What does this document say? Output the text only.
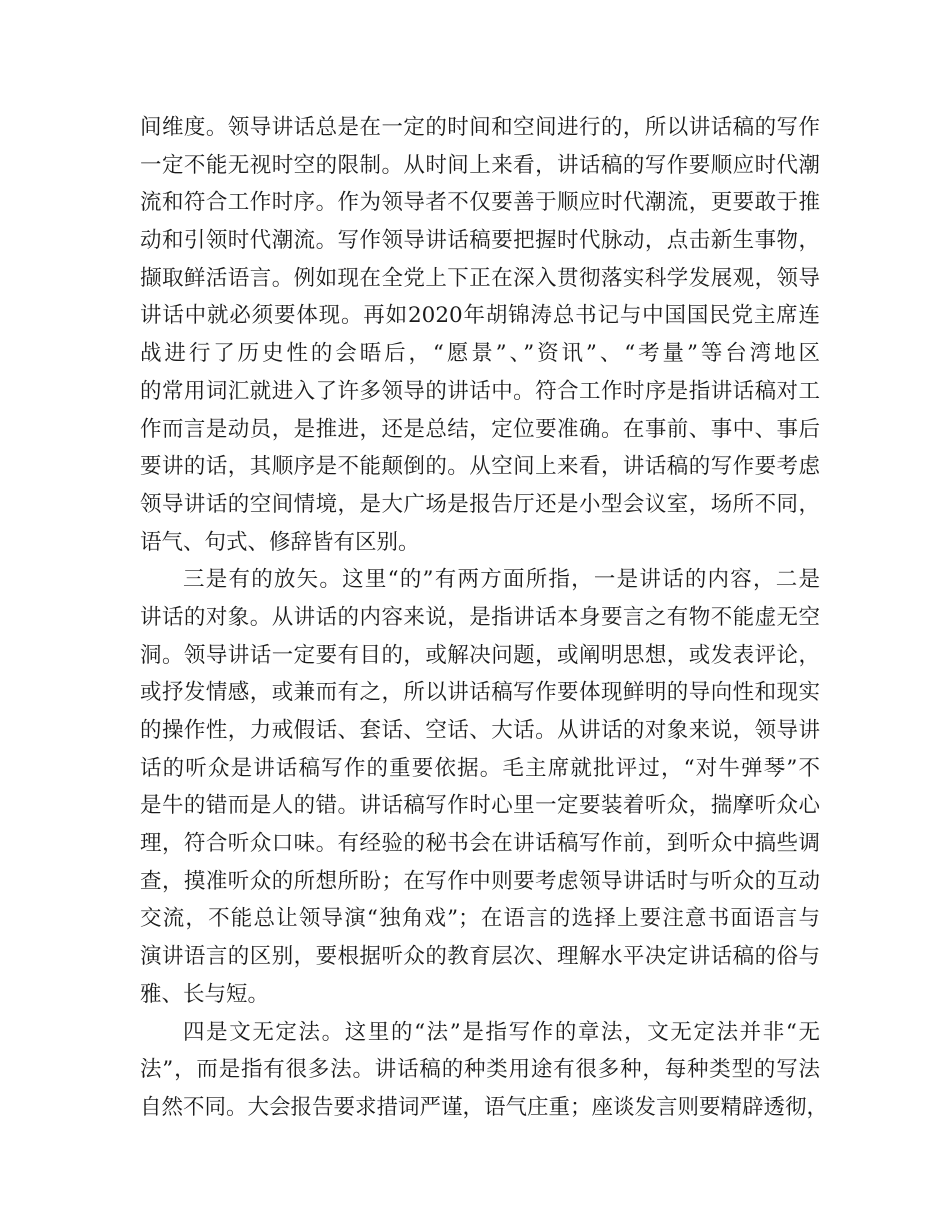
间维度。领导讲话总是在一定的时间和空间进行的，所以讲话稿的写作
一定不能无视时空的限制。从时间上来看，讲话稿的写作要顺应时代潮
流和符合工作时序。作为领导者不仅要善于顺应时代潮流，更要敢于推
动和引领时代潮流。写作领导讲话稿要把握时代脉动，点击新生事物，
撷取鲜活语言。例如现在全党上下正在深入贯彻落实科学发展观，领导
讲话中就必须要体现。再如2020年胡锦涛总书记与中国国民党主席连
战进行了历史性的会晤后，“愿景”、”资讯”、“考量”等台湾地区
的常用词汇就进入了许多领导的讲话中。符合工作时序是指讲话稿对工
作而言是动员，是推进，还是总结，定位要准确。在事前、事中、事后
要讲的话，其顺序是不能颠倒的。从空间上来看，讲话稿的写作要考虑
领导讲话的空间情境，是大广场是报告厅还是小型会议室，场所不同，
语气、句式、修辞皆有区别。
三是有的放矢。这里“的”有两方面所指，一是讲话的内容，二是
讲话的对象。从讲话的内容来说，是指讲话本身要言之有物不能虚无空
洞。领导讲话一定要有目的，或解决问题，或阐明思想，或发表评论，
或抒发情感，或兼而有之，所以讲话稿写作要体现鲜明的导向性和现实
的操作性，力戒假话、套话、空话、大话。从讲话的对象来说，领导讲
话的听众是讲话稿写作的重要依据。毛主席就批评过，“对牛弹琴”不
是牛的错而是人的错。讲话稿写作时心里一定要装着听众，揣摩听众心
理，符合听众口味。有经验的秘书会在讲话稿写作前，到听众中搞些调
查，摸准听众的所想所盼；在写作中则要考虑领导讲话时与听众的互动
交流，不能总让领导演“独角戏”；在语言的选择上要注意书面语言与
演讲语言的区别，要根据听众的教育层次、理解水平决定讲话稿的俗与
雅、长与短。
四是文无定法。这里的“法”是指写作的章法，文无定法并非“无
法”，而是指有很多法。讲话稿的种类用途有很多种，每种类型的写法
自然不同。大会报告要求措词严谨，语气庄重；座谈发言则要精辟透彻，
